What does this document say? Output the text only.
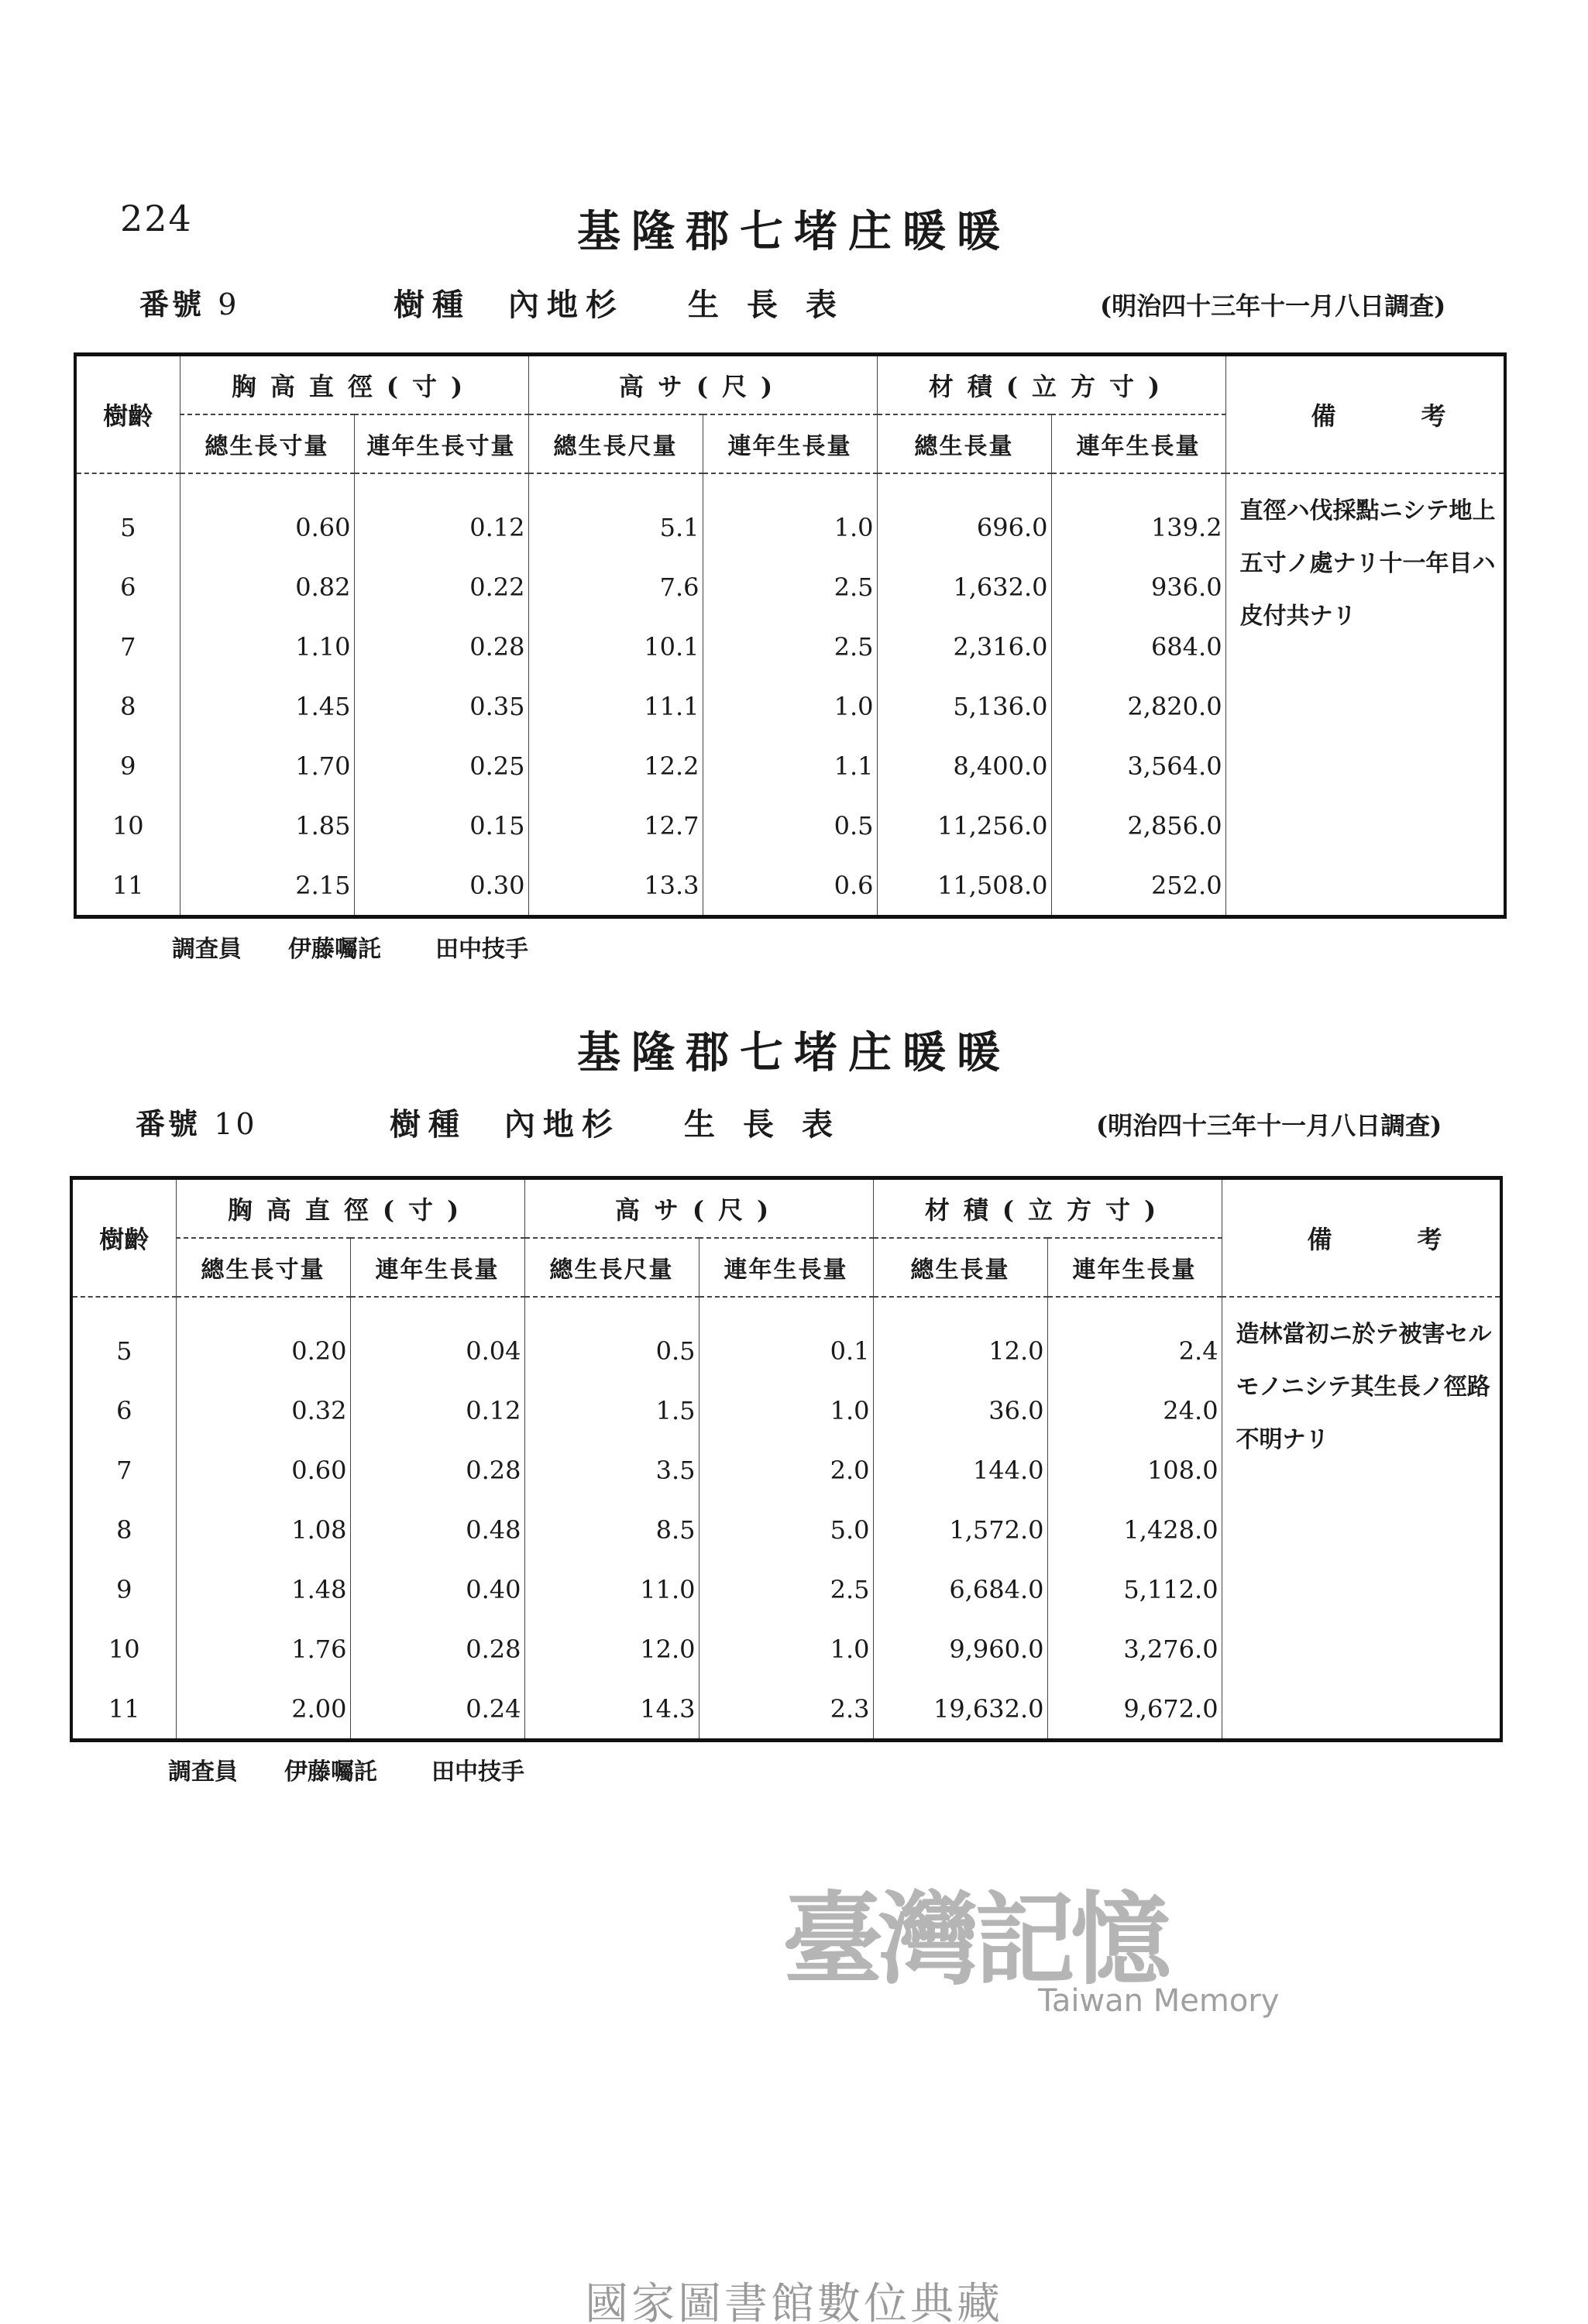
224	基隆郡七堵庄暖暖
番號 9	樹種 內地杉 生長表	(明治四十三年十一月八日調査)
樹齡	胸高直徑(寸)		高サ(尺)		材積(立方寸)		備考
	總生長寸量	連年生長寸量	總生長尺量	連年生長量	總生長量	連年生長量	
							直徑ハ伐採點ニシテ地上五寸ノ處ナリ十一年目ハ皮付共ナリ
5	0.60	0.12	5.1	1.0	696.0	139.2	
6	0.82	0.22	7.6	2.5	1,632.0	936.0	
7	1.10	0.28	10.1	2.5	2,316.0	684.0	
8	1.45	0.35	11.1	1.0	5,136.0	2,820.0	
9	1.70	0.25	12.2	1.1	8,400.0	3,564.0	
10	1.85	0.15	12.7	0.5	11,256.0	2,856.0	
11	2.15	0.30	13.3	0.6	11,508.0	252.0	
調査員 伊藤囑託 田中技手
基隆郡七堵庄暖暖
番號 10	樹種 內地杉 生長表	(明治四十三年十一月八日調査)
樹齡	胸高直徑(寸)		高サ(尺)		材積(立方寸)		備考
	總生長寸量	連年生長量	總生長尺量	連年生長量	總生長量	連年生長量	
							造林當初ニ於テ被害セルモノニシテ其生長ノ徑路不明ナリ
5	0.20	0.04	0.5	0.1	12.0	2.4	
6	0.32	0.12	1.5	1.0	36.0	24.0	
7	0.60	0.28	3.5	2.0	144.0	108.0	
8	1.08	0.48	8.5	5.0	1,572.0	1,428.0	
9	1.48	0.40	11.0	2.5	6,684.0	5,112.0	
10	1.76	0.28	12.0	1.0	9,960.0	3,276.0	
11	2.00	0.24	14.3	2.3	19,632.0	9,672.0	
調査員 伊藤囑託 田中技手
臺灣記憶
Taiwan Memory
國家圖書館數位典藏
